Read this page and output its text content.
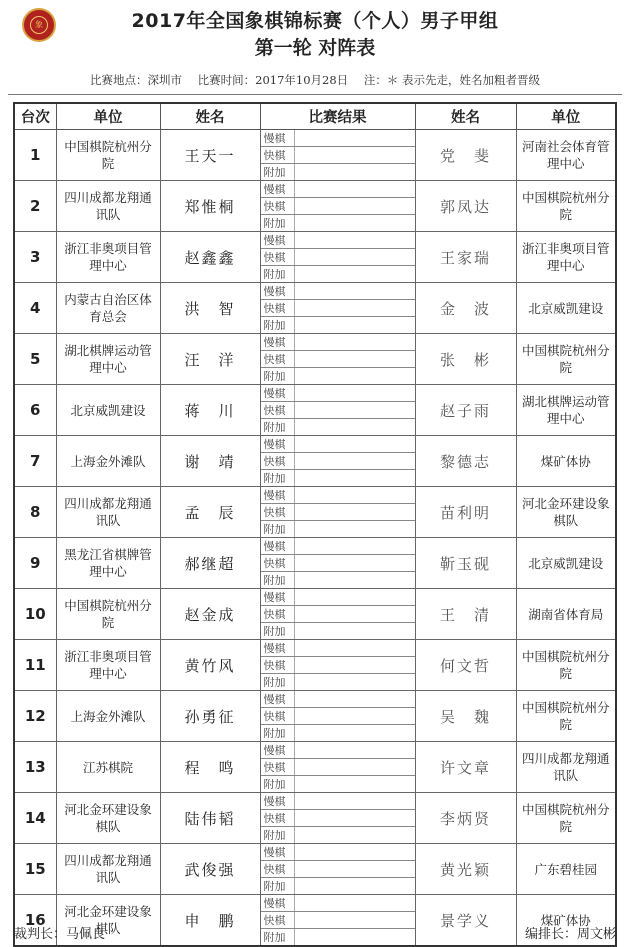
象	2017年全国象棋锦标赛（个人）男子甲组
第一轮 对阵表
比赛地点：深圳市 比赛时间：2017年10月28日 注：＊ 表示先走，姓名加粗者晋级
台次	单位	姓名	比赛结果	姓名	单位
1	中国棋院杭州分院	王天一	慢棋
快棋
附加	党　斐	河南社会体育管理中心
2	四川成都龙翔通讯队	郑惟桐	慢棋
快棋
附加	郭凤达	中国棋院杭州分院
3	浙江非奥项目管理中心	赵鑫鑫	慢棋
快棋
附加	王家瑞	浙江非奥项目管理中心
4	内蒙古自治区体育总会	洪　智	慢棋
快棋
附加	金　波	北京威凯建设
5	湖北棋牌运动管理中心	汪　洋	慢棋
快棋
附加	张　彬	中国棋院杭州分院
6	北京威凯建设	蒋　川	慢棋
快棋
附加	赵子雨	湖北棋牌运动管理中心
7	上海金外滩队	谢　靖	慢棋
快棋
附加	黎德志	煤矿体协
8	四川成都龙翔通讯队	孟　辰	慢棋
快棋
附加	苗利明	河北金环建设象棋队
9	黑龙江省棋牌管理中心	郝继超	慢棋
快棋
附加	靳玉砚	北京威凯建设
10	中国棋院杭州分院	赵金成	慢棋
快棋
附加	王　清	湖南省体育局
11	浙江非奥项目管理中心	黄竹风	慢棋
快棋
附加	何文哲	中国棋院杭州分院
12	上海金外滩队	孙勇征	慢棋
快棋
附加	吴　魏	中国棋院杭州分院
13	江苏棋院	程　鸣	慢棋
快棋
附加	许文章	四川成都龙翔通讯队
14	河北金环建设象棋队	陆伟韬	慢棋
快棋
附加	李炳贤	中国棋院杭州分院
15	四川成都龙翔通讯队	武俊强	慢棋
快棋
附加	黄光颖	广东碧桂园
16	河北金环建设象棋队	申　鹏	慢棋
快棋
附加	景学义	煤矿体协
裁判长：马佩良	编排长：周文彬
